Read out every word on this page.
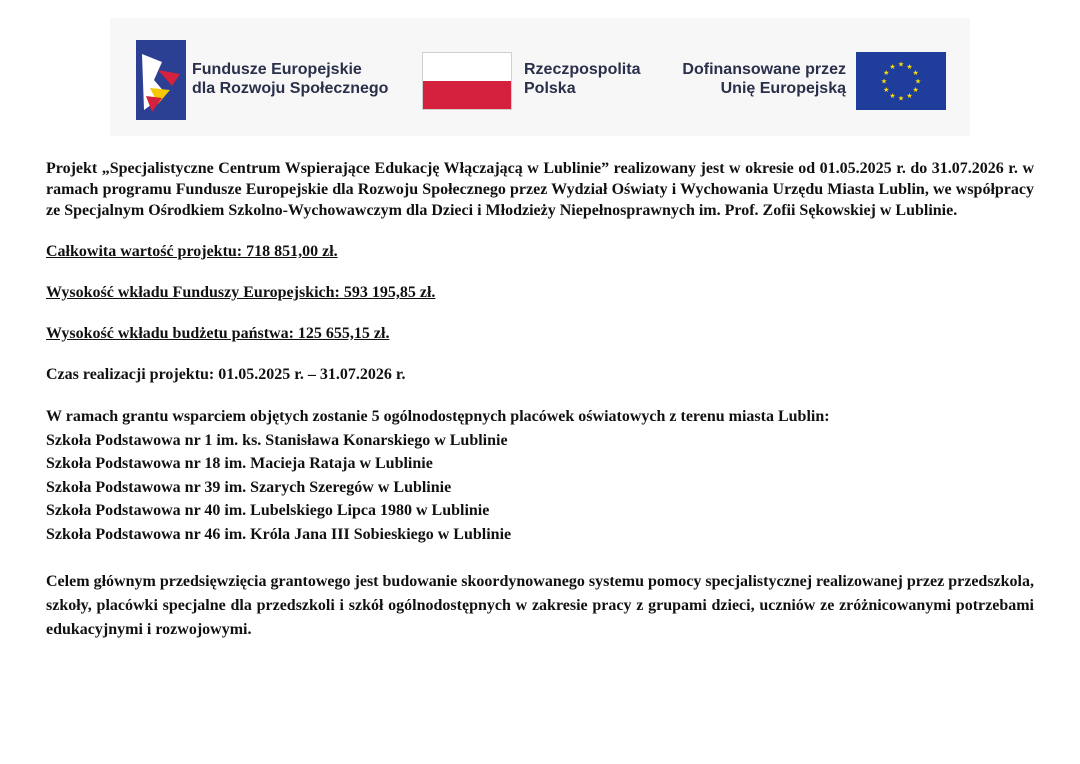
Fundusze Europejskie
dla Rozwoju Społecznego
Rzeczpospolita
Polska
Dofinansowane przez
Unię Europejską
★ ★
★
★
★
★
★
★
★
★
★
★

Projekt „Specjalistyczne Centrum Wspierające Edukację Włączającą w Lublinie” realizowany jest w okresie od 01.05.2025 r. do 31.07.2026 r. w ramach programu Fundusze Europejskie dla Rozwoju Społecznego przez Wydział Oświaty i Wychowania Urzędu Miasta Lublin, we współpracy ze Specjalnym Ośrodkiem Szkolno-Wychowawczym dla Dzieci i Młodzieży Niepełnosprawnych im. Prof. Zofii Sękowskiej w Lublinie.

Całkowita wartość projektu: 718 851,00 zł.

Wysokość wkładu Funduszy Europejskich: 593 195,85 zł.

Wysokość wkładu budżetu państwa: 125 655,15 zł.

Czas realizacji projektu: 01.05.2025 r. – 31.07.2026 r.

W ramach grantu wsparciem objętych zostanie 5 ogólnodostępnych placówek oświatowych z terenu miasta Lublin:

Szkoła Podstawowa nr 1 im. ks. Stanisława Konarskiego w Lublinie

Szkoła Podstawowa nr 18 im. Macieja Rataja w Lublinie

Szkoła Podstawowa nr 39 im. Szarych Szeregów w Lublinie

Szkoła Podstawowa nr 40 im. Lubelskiego Lipca 1980 w Lublinie

Szkoła Podstawowa nr 46 im. Króla Jana III Sobieskiego w Lublinie

Celem głównym przedsięwzięcia grantowego jest budowanie skoordynowanego systemu pomocy specjalistycznej realizowanej przez przedszkola, szkoły, placówki specjalne dla przedszkoli i szkół ogólnodostępnych w zakresie pracy z grupami dzieci, uczniów ze zróżnicowanymi potrzebami edukacyjnymi i rozwojowymi.
